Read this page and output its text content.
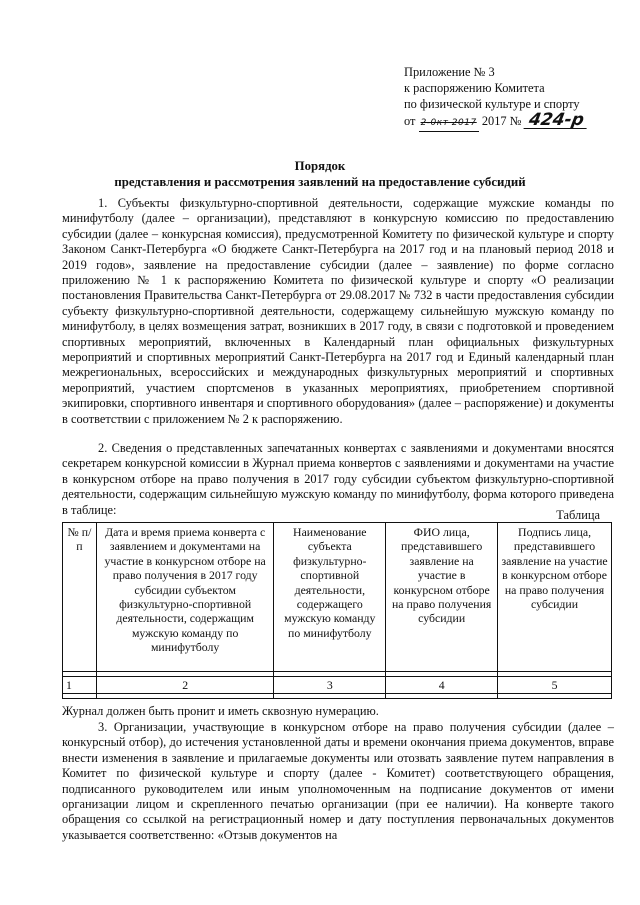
Приложение № 3
к распоряжению Комитета
по физической культуре и спорту
от 2-0кт 2017 2017 № 424-р
Порядок
представления и рассмотрения заявлений на предоставление субсидий
1. Субъекты физкультурно-спортивной деятельности, содержащие мужские команды по минифутболу (далее – организации), представляют в конкурсную комиссию по предоставлению субсидии (далее – конкурсная комиссия), предусмотренной Комитету по физической культуре и спорту Законом Санкт-Петербурга «О бюджете Санкт-Петербурга на 2017 год и на плановый период 2018 и 2019 годов», заявление на предоставление субсидии (далее – заявление) по форме согласно приложению № 1 к распоряжению Комитета по физической культуре и спорту «О реализации постановления Правительства Санкт-Петербурга от 29.08.2017 № 732 в части предоставления субсидии субъекту физкультурно-спортивной деятельности, содержащему сильнейшую мужскую команду по минифутболу, в целях возмещения затрат, возникших в 2017 году, в связи с подготовкой и проведением спортивных мероприятий, включенных в Календарный план официальных физкультурных мероприятий и спортивных мероприятий Санкт-Петербурга на 2017 год и Единый календарный план межрегиональных, всероссийских и международных физкультурных мероприятий и спортивных мероприятий, участием спортсменов в указанных мероприятиях, приобретением спортивной экипировки, спортивного инвентаря и спортивного оборудования» (далее – распоряжение) и документы в соответствии с приложением № 2 к распоряжению.
2. Сведения о представленных запечатанных конвертах с заявлениями и документами вносятся секретарем конкурсной комиссии в Журнал приема конвертов с заявлениями и документами на участие в конкурсном отборе на право получения в 2017 году субсидии субъектом физкультурно-спортивной деятельности, содержащим сильнейшую мужскую команду по минифутболу, форма которого приведена в таблице:	Таблица
№ п/п	Дата и время приема конверта с заявлением и документами на участие в конкурсном отборе на право получения в 2017 году субсидии субъектом физкультурно-спортивной деятельности, содержащим мужскую команду по минифутболу	Наименование субъекта физкультурно-спортивной деятельности, содержащего мужскую команду по минифутболу	ФИО лица, представившего заявление на участие в конкурсном отборе на право получения субсидии	Подпись лица, представившего заявление на участие в конкурсном отборе на право получения субсидии

1	2	3	4	5

Журнал должен быть пронит и иметь сквозную нумерацию.
3. Организации, участвующие в конкурсном отборе на право получения субсидии (далее – конкурсный отбор), до истечения установленной даты и времени окончания приема документов, вправе внести изменения в заявление и прилагаемые документы или отозвать заявление путем направления в Комитет по физической культуре и спорту (далее - Комитет) соответствующего обращения, подписанного руководителем или иным уполномоченным на подписание документов от имени организации лицом и скрепленного печатью организации (при ее наличии). На конверте такого обращения со ссылкой на регистрационный номер и дату поступления первоначальных документов указывается соответственно: «Отзыв документов на
